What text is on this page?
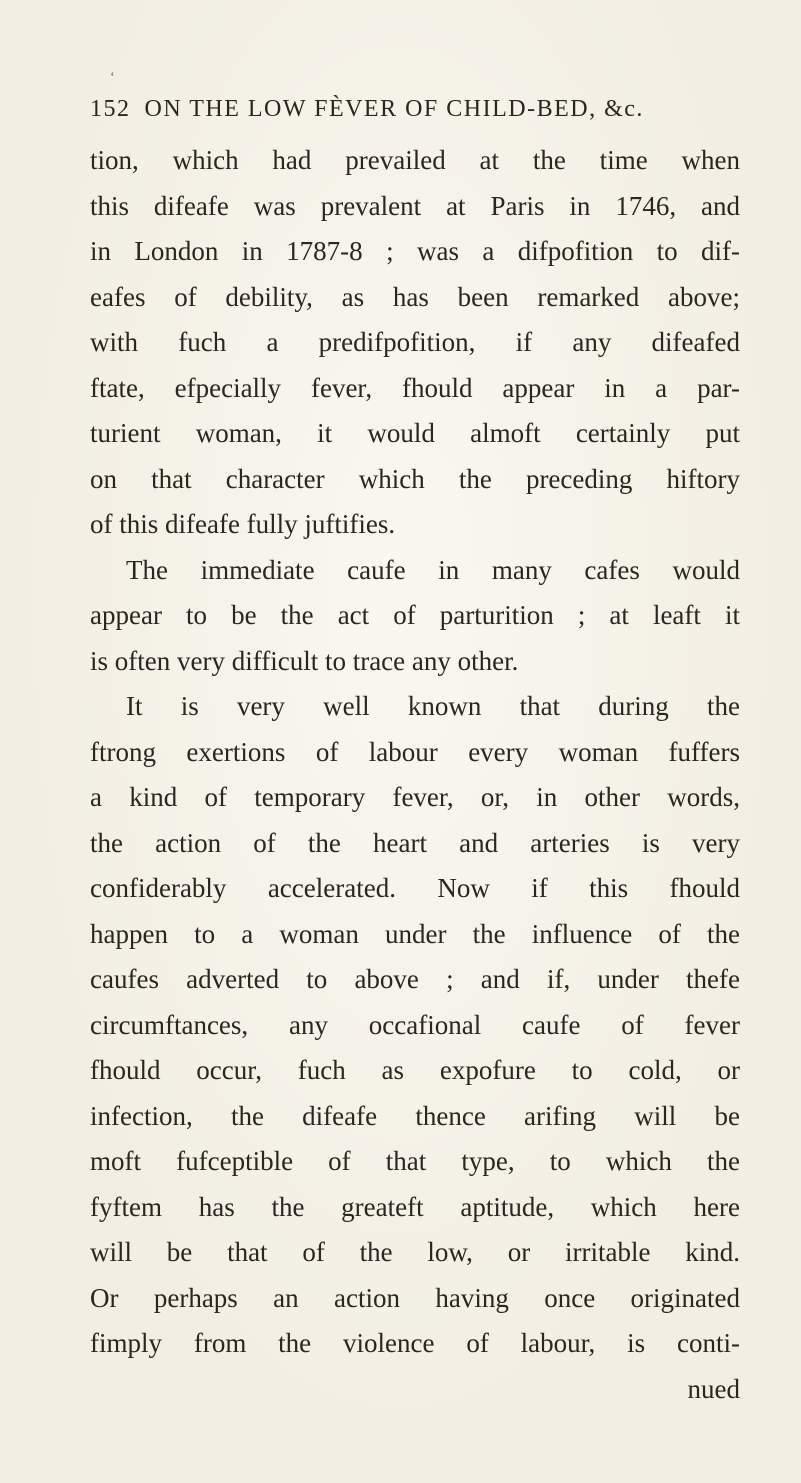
‘
152 ON THE LOW FÈVER OF CHILD-BED, &c.
tion, which had prevailed at the time when
this difeafe was prevalent at Paris in 1746, and
in London in 1787-8 ; was a difpofition to dif-
eafes of debility, as has been remarked above;
with fuch a predifpofition, if any difeafed
ftate, efpecially fever, fhould appear in a par-
turient woman, it would almoft certainly put
on that character which the preceding hiftory
of this difeafe fully juftifies.
The immediate caufe in many cafes would
appear to be the act of parturition ; at leaft it
is often very difficult to trace any other.
It is very well known that during the
ftrong exertions of labour every woman fuffers
a kind of temporary fever, or, in other words,
the action of the heart and arteries is very
confiderably accelerated. Now if this fhould
happen to a woman under the influence of the
caufes adverted to above ; and if, under thefe
circumftances, any occafional caufe of fever
fhould occur, fuch as expofure to cold, or
infection, the difeafe thence arifing will be
moft fufceptible of that type, to which the
fyftem has the greateft aptitude, which here
will be that of the low, or irritable kind.
Or perhaps an action having once originated
fimply from the violence of labour, is conti-
nued
